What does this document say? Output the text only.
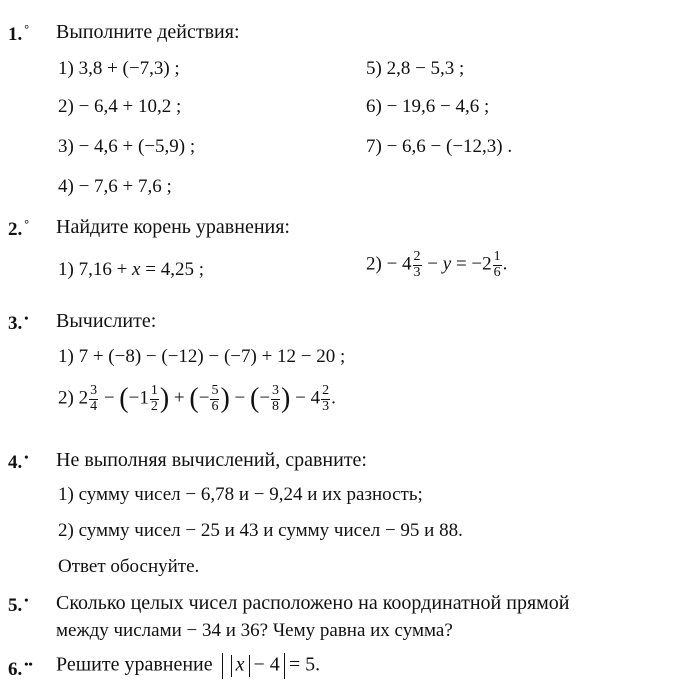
1. ° Выполните действия:
1) 3,8 + (−7,3) ;
2) − 6,4 + 10,2 ;
3) − 4,6 + (−5,9) ;
4) − 7,6 + 7,6 ;
5) 2,8 − 5,3 ;
6) − 19,6 − 4,6 ;
7) − 6,6 − (−12,3) .
2. ° Найдите корень уравнения:
1) 7,16 + x = 4,25 ;	$2) - 4 \frac{2}{3} - y = -2 \frac{1}{6}$ .
3. • Вычислите:
1) 7 + (−8) − (−12) − (−7) + 12 − 20 ;
2) $2 \frac{3}{4} - (-1 \frac{1}{2}$ ) + (− $\frac{5}{6}$ ) − (− $\frac{3}{8}$ ) − $4 \frac{2}{3}$ .
4. • Не выполняя вычислений, сравните:
1) сумму чисел − 6,78 и − 9,24 и их разность;
2) сумму чисел − 25 и 43 и сумму чисел − 95 и 88.
Ответ обоснуйте.
5. • Сколько целых чисел расположено на координатной прямой
между числами − 34 и 36? Чему равна их сумма?
6. •• Решите уравнение x − 4 = 5.
